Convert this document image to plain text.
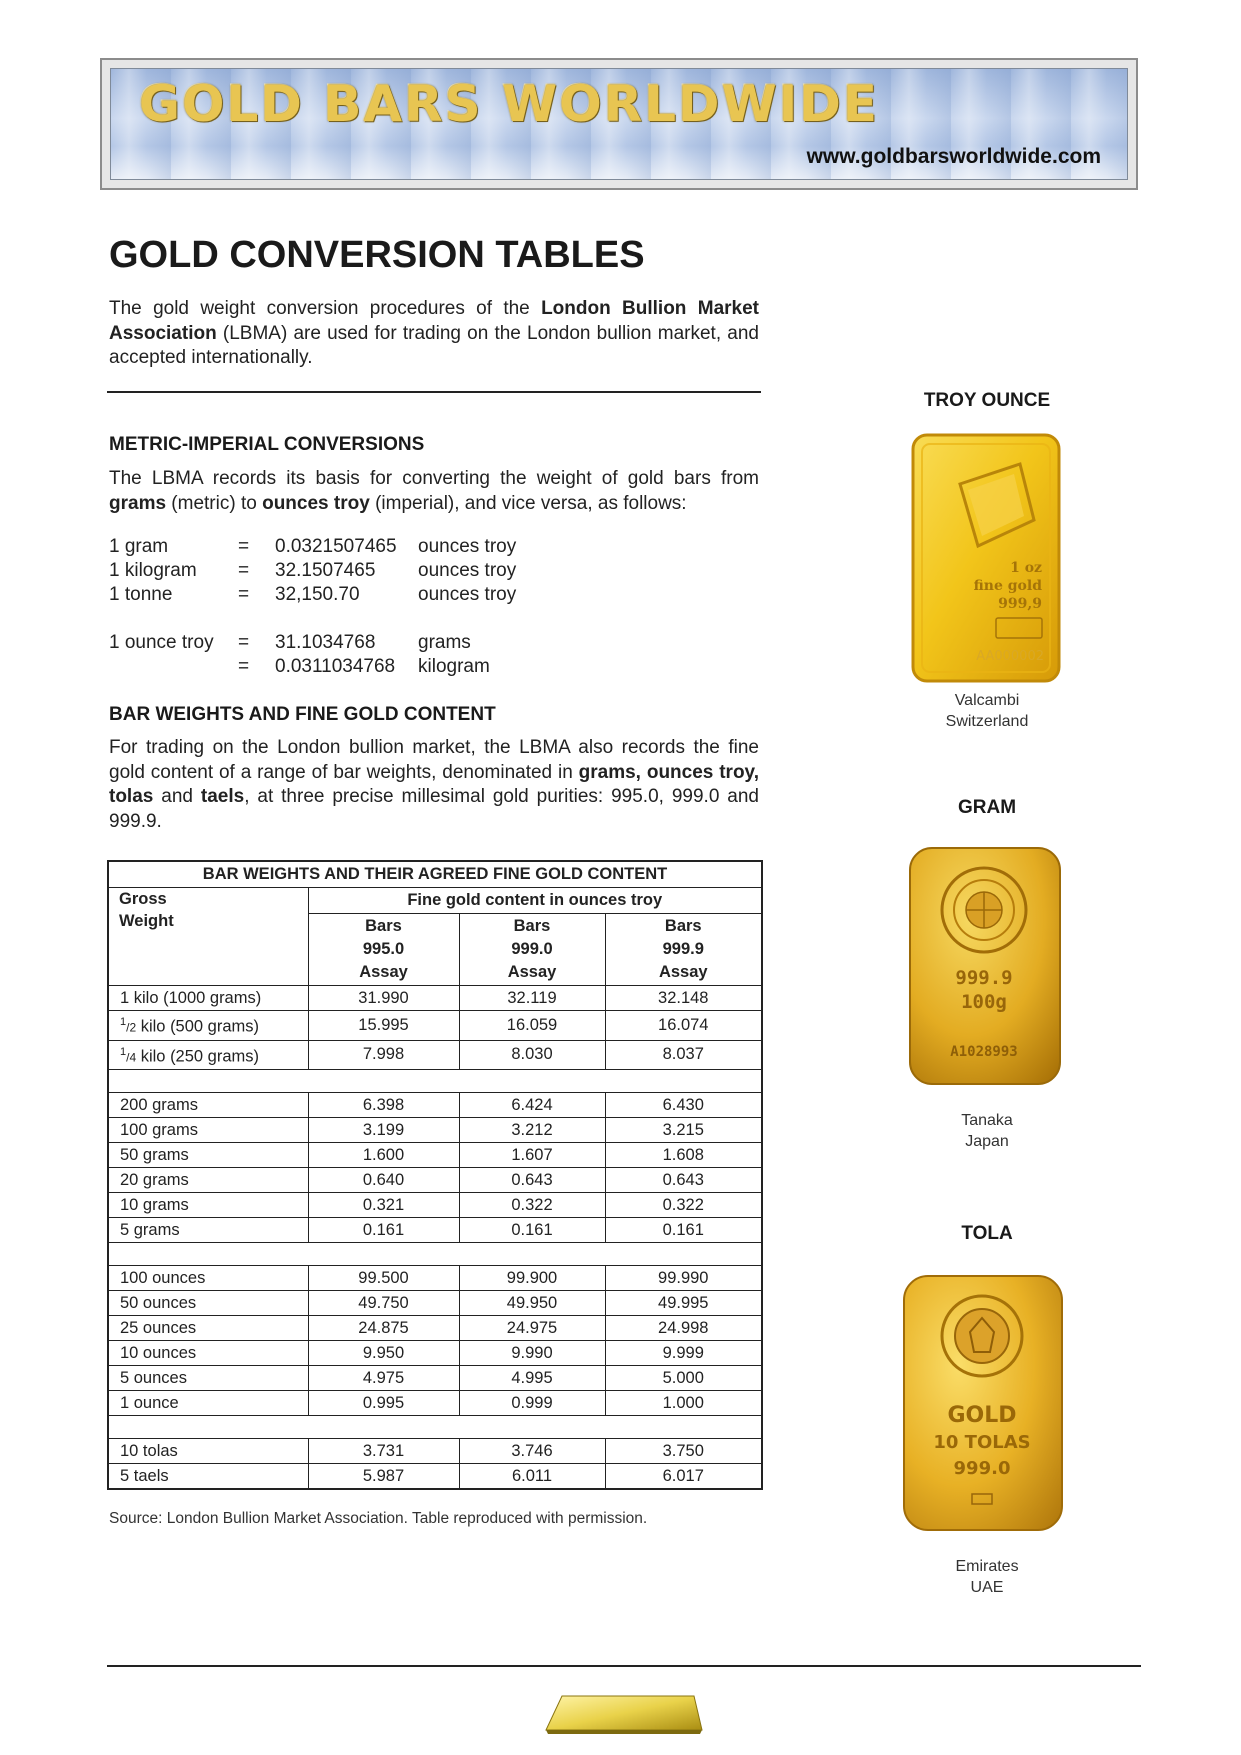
GOLD BARS WORLDWIDE
www.goldbarsworldwide.com
GOLD CONVERSION TABLES

The gold weight conversion procedures of the London Bullion Market Association (LBMA) are used for trading on the London bullion market, and accepted internationally.

METRIC-IMPERIAL CONVERSIONS

The LBMA records its basis for converting the weight of gold bars from grams (metric) to ounces troy (imperial), and vice versa, as follows:

1 gram	= 0.0321507465 ounces troy
1 kilogram = 32.1507465 ounces troy
1 tonne	= 32,150.70	ounces troy
1 ounce troy = 31.1034768 grams
= 0.0311034768 kilogram
BAR WEIGHTS AND FINE GOLD CONTENT

For trading on the London bullion market, the LBMA also records the fine gold content of a range of bar weights, denominated in grams, ounces troy, tolas and taels, at three precise millesimal gold purities: 995.0, 999.0 and 999.9.

BAR WEIGHTS AND THEIR AGREED FINE GOLD CONTENT			
Gross
Weight	Fine gold content in ounces troy		
	Bars
995.0
Assay	Bars
999.0
Assay	Bars
999.9
Assay
1 kilo (1000 grams)	31.990	32.119	32.148
$^1$/2 kilo (500 grams)	15.995	16.059	16.074
$^1$/4 kilo (250 grams)	7.998	8.030	8.037

200 grams	6.398	6.424	6.430
100 grams	3.199	3.212	3.215
50 grams	1.600	1.607	1.608
20 grams	0.640	0.643	0.643
10 grams	0.321	0.322	0.322
5 grams	0.161	0.161	0.161

100 ounces	99.500	99.900	99.990
50 ounces	49.750	49.950	49.995
25 ounces	24.875	24.975	24.998
10 ounces	9.950	9.990	9.999
5 ounces	4.975	4.995	5.000
1 ounce	0.995	0.999	1.000

10 tolas	3.731	3.746	3.750
5 taels	5.987	6.011	6.017

Source: London Bullion Market Association. Table reproduced with permission.

TROY OUNCE
1 oz
fine gold
999,9
AA000002
Valcambi
Switzerland
GRAM
999.9
100g
A1028993
Tanaka
Japan
TOLA
GOLD
10 TOLAS
999.0
Emirates
UAE
